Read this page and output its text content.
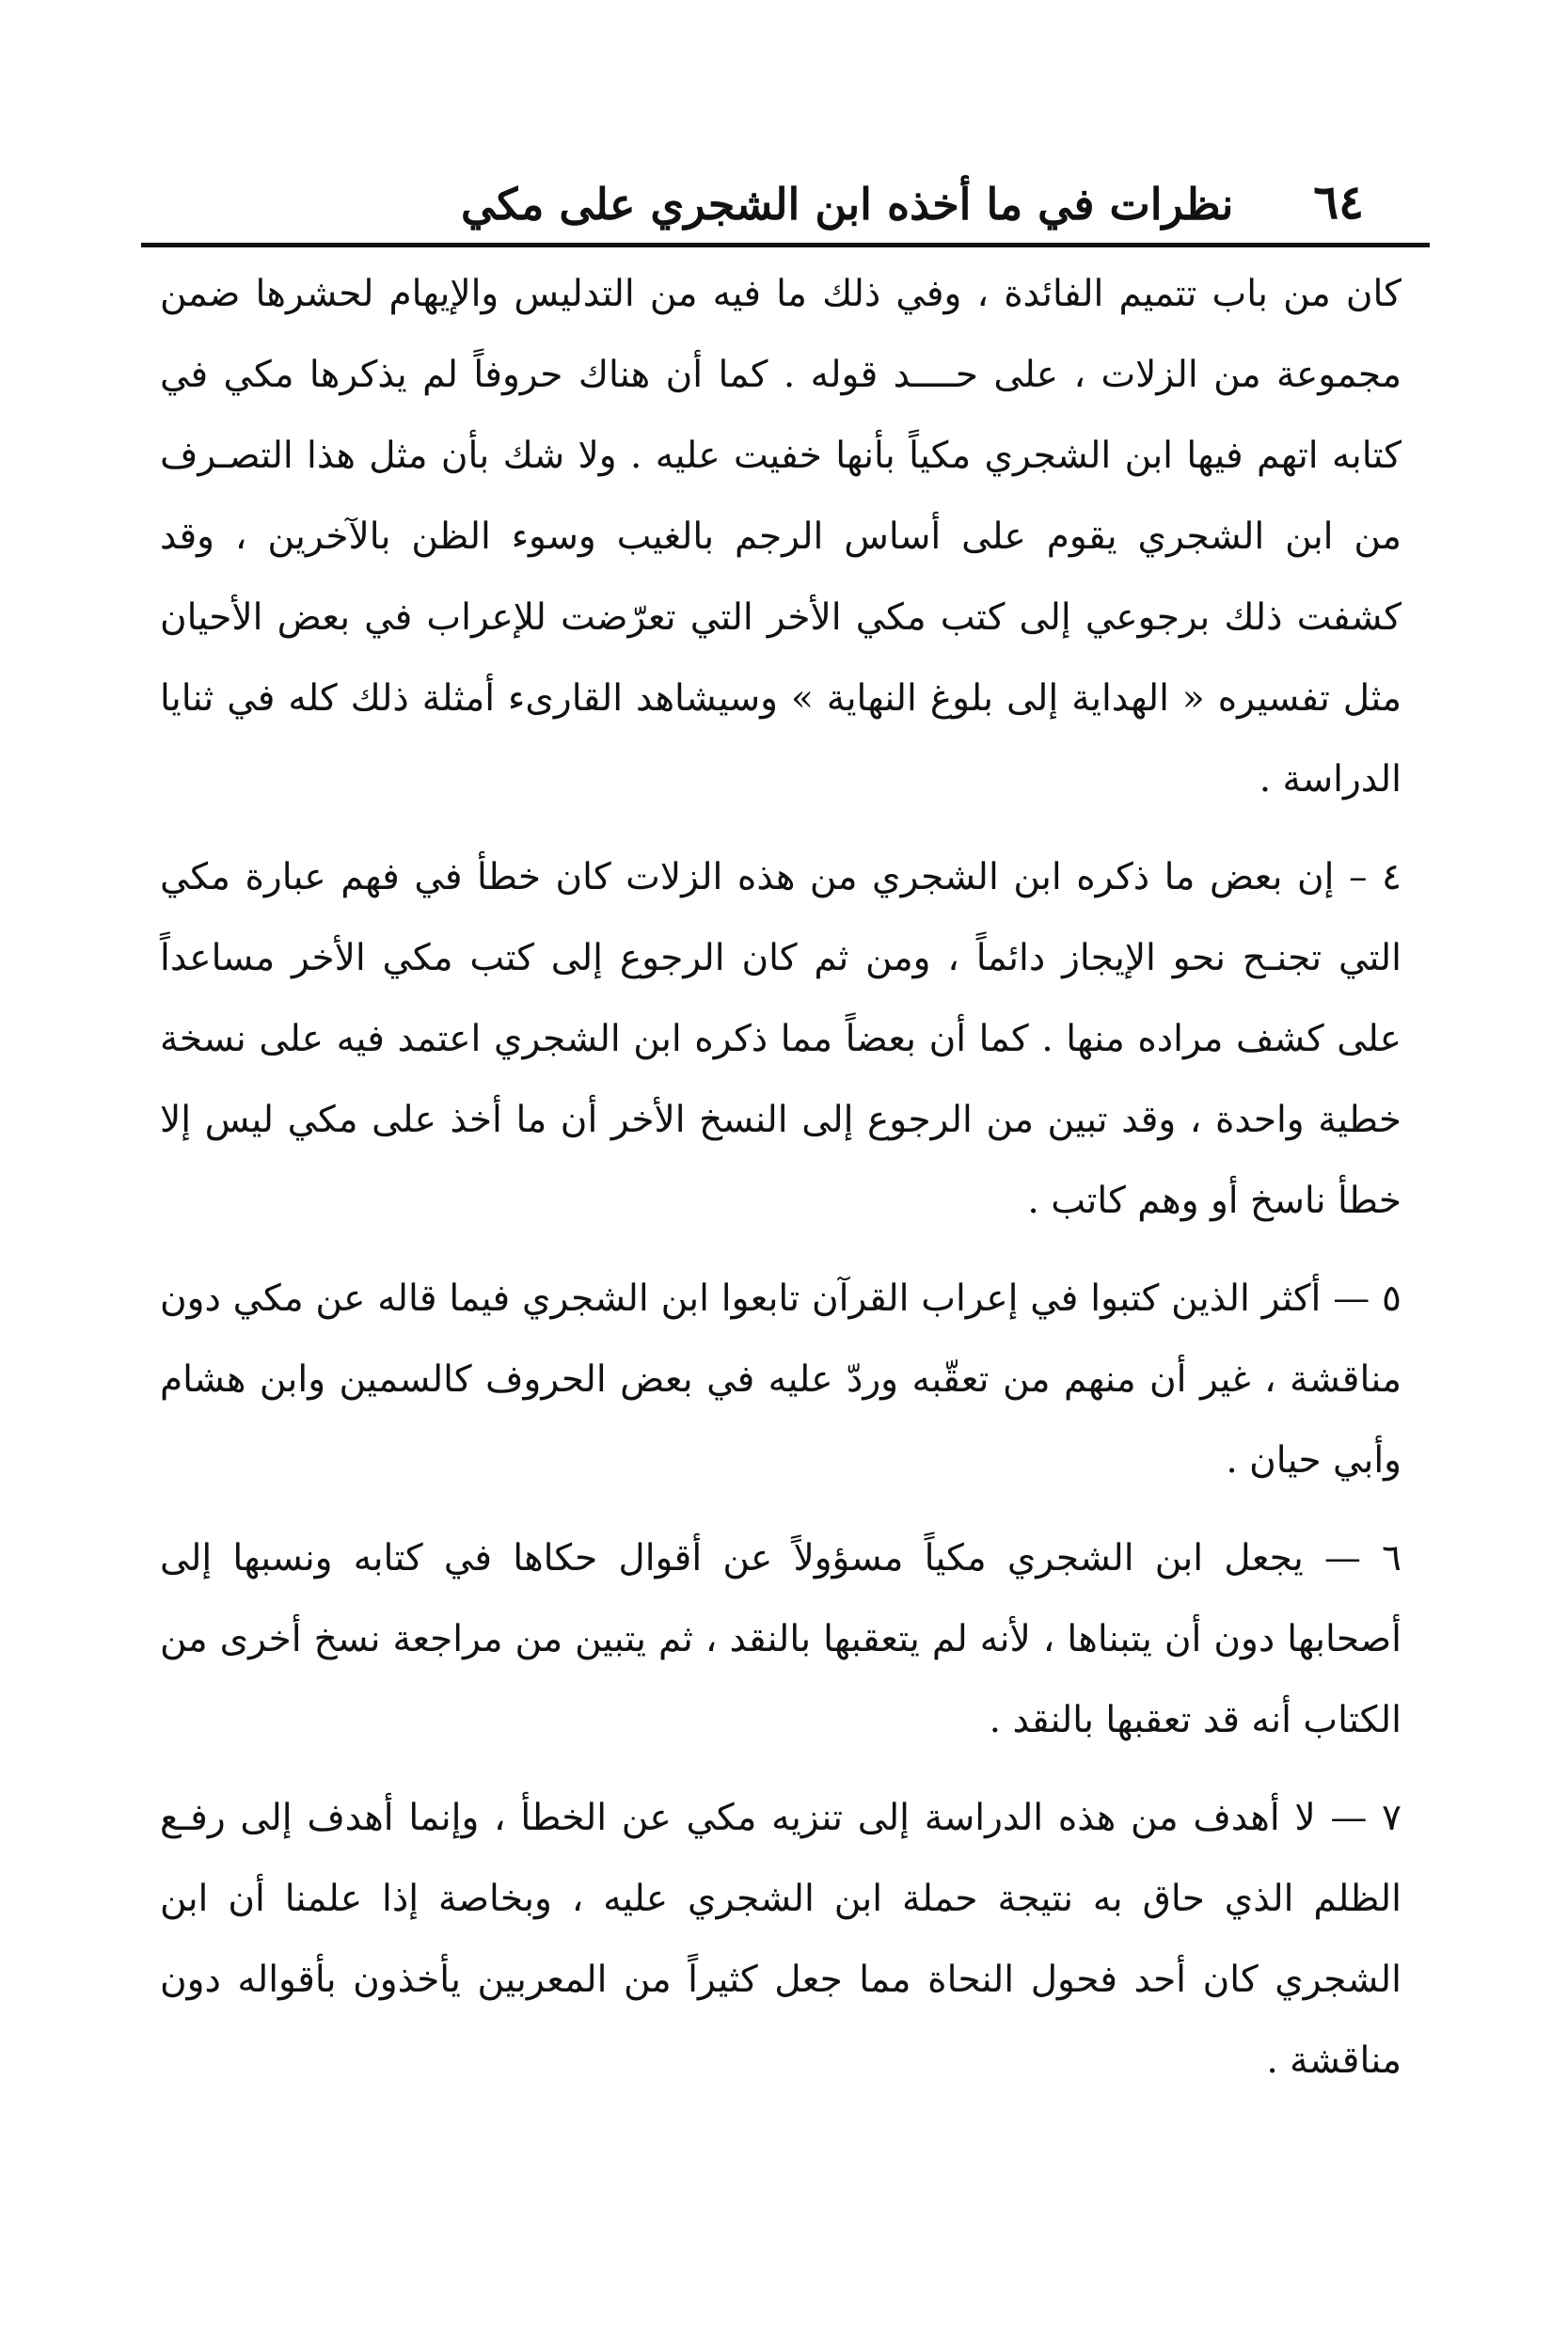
٦٤
نظرات في ما أخذه ابن الشجري على مكي

كان من باب تتميم الفائدة ، وفي ذلك ما فيه من التدليس والإيهام لحشرها ضمن مجموعة من الزلات ، على حــــد قوله . كما أن هناك حروفاً لم يذكرها مكي في كتابه اتهم فيها ابن الشجري مكياً بأنها خفيت عليه . ولا شك بأن مثل هذا التصـرف من ابن الشجري يقوم على أساس الرجم بالغيب وسوء الظن بالآخرين ، وقد كشفت ذلك برجوعي إلى كتب مكي الأخر التي تعرّضت للإعراب في بعض الأحيان مثل تفسيره « الهداية إلى بلوغ النهاية » وسيشاهد القارىء أمثلة ذلك كله في ثنايا الدراسة .

٤ – إن بعض ما ذكره ابن الشجري من هذه الزلات كان خطأ في فهم عبارة مكي التي تجنـح نحو الإيجاز دائماً ، ومن ثم كان الرجوع إلى كتب مكي الأخر مساعداً على كشف مراده منها . كما أن بعضاً مما ذكره ابن الشجري اعتمد فيه على نسخة خطية واحدة ، وقد تبين من الرجوع إلى النسخ الأخر أن ما أخذ على مكي ليس إلا خطأ ناسخ أو وهم كاتب .

٥ — أكثر الذين كتبوا في إعراب القرآن تابعوا ابن الشجري فيما قاله عن مكي دون مناقشة ، غير أن منهم من تعقّبه وردّ عليه في بعض الحروف كالسمين وابن هشام وأبي حيان .

٦ — يجعل ابن الشجري مكياً مسؤولاً عن أقوال حكاها في كتابه ونسبها إلى أصحابها دون أن يتبناها ، لأنه لم يتعقبها بالنقد ، ثم يتبين من مراجعة نسخ أخرى من الكتاب أنه قد تعقبها بالنقد .

٧ — لا أهدف من هذه الدراسة إلى تنزيه مكي عن الخطأ ، وإنما أهدف إلى رفـع الظلم الذي حاق به نتيجة حملة ابن الشجري عليه ، وبخاصة إذا علمنا أن ابن الشجري كان أحد فحول النحاة مما جعل كثيراً من المعربين يأخذون بأقواله دون مناقشة .
